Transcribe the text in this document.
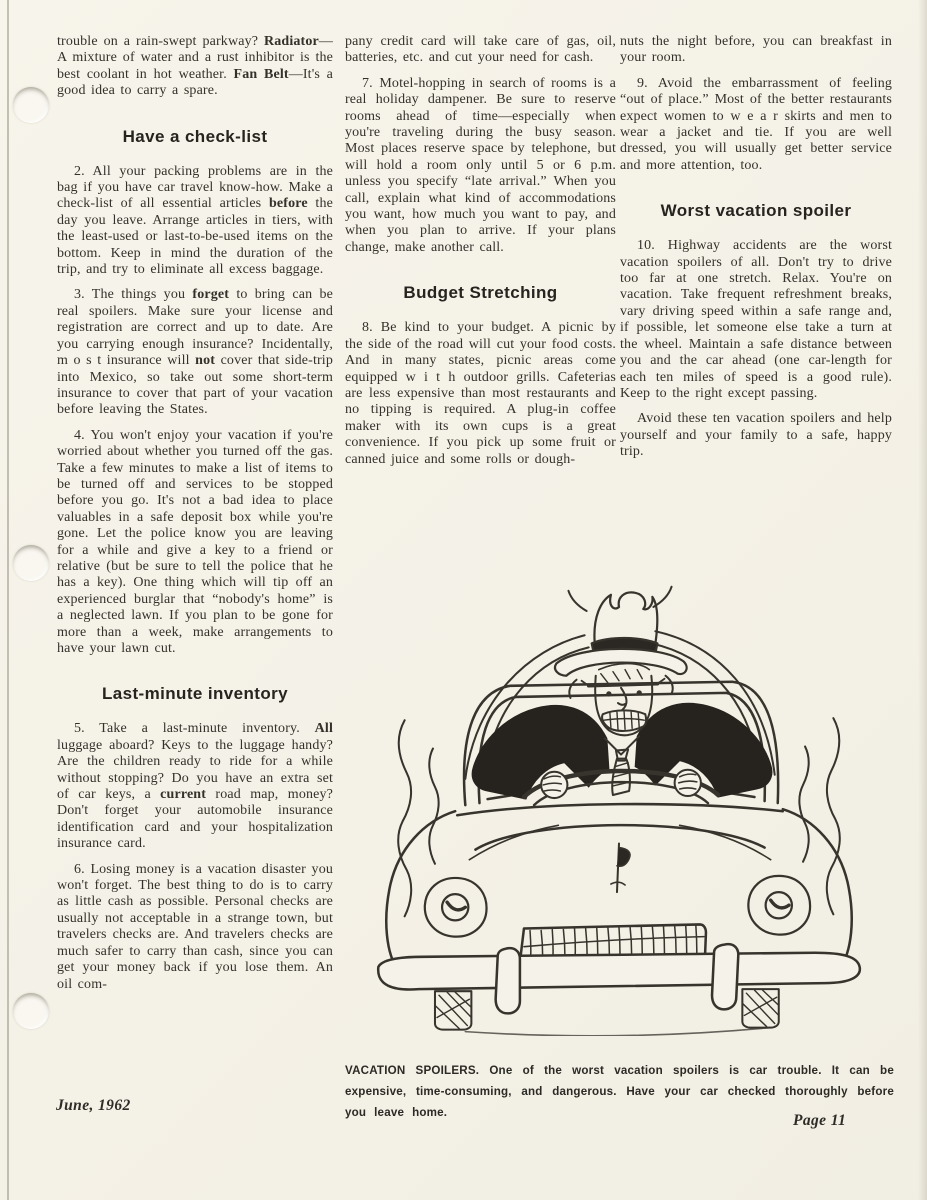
trouble on a rain-swept parkway? Radiator—A mixture of water and a rust inhibitor is the best coolant in hot weather. Fan Belt—It's a good idea to carry a spare.

Have a check-list

2. All your packing problems are in the bag if you have car travel know-how. Make a check-list of all essential articles before the day you leave. Arrange articles in tiers, with the least-used or last-to-be-used items on the bottom. Keep in mind the duration of the trip, and try to eliminate all excess baggage.

3. The things you forget to bring can be real spoilers. Make sure your license and registration are correct and up to date. Are you carrying enough insurance? Incidentally, m o s t insurance will not cover that side-trip into Mexico, so take out some short-term insurance to cover that part of your vacation before leaving the States.

4. You won't enjoy your vacation if you're worried about whether you turned off the gas. Take a few minutes to make a list of items to be turned off and services to be stopped before you go. It's not a bad idea to place valuables in a safe deposit box while you're gone. Let the police know you are leaving for a while and give a key to a friend or relative (but be sure to tell the police that he has a key). One thing which will tip off an experienced burglar that “nobody's home” is a neglected lawn. If you plan to be gone for more than a week, make arrangements to have your lawn cut.

Last-minute inventory

5. Take a last-minute inventory. All luggage aboard? Keys to the luggage handy? Are the children ready to ride for a while without stopping? Do you have an extra set of car keys, a current road map, money? Don't forget your automobile insurance identification card and your hospitalization insurance card.

6. Losing money is a vacation disaster you won't forget. The best thing to do is to carry as little cash as possible. Personal checks are usually not acceptable in a strange town, but travelers checks are. And travelers checks are much safer to carry than cash, since you can get your money back if you lose them. An oil com-

pany credit card will take care of gas, oil, batteries, etc. and cut your need for cash.

7. Motel-hopping in search of rooms is a real holiday dampener. Be sure to reserve rooms ahead of time—especially when you're traveling during the busy season. Most places reserve space by telephone, but will hold a room only until 5 or 6 p.m. unless you specify “late arrival.” When you call, explain what kind of accommodations you want, how much you want to pay, and when you plan to arrive. If your plans change, make another call.

Budget Stretching

8. Be kind to your budget. A picnic by the side of the road will cut your food costs. And in many states, picnic areas come equipped w i t h outdoor grills. Cafeterias are less expensive than most restaurants and no tipping is required. A plug-in coffee maker with its own cups is a great convenience. If you pick up some fruit or canned juice and some rolls or dough-

nuts the night before, you can breakfast in your room.

9. Avoid the embarrassment of feeling “out of place.” Most of the better restaurants expect women to w e a r skirts and men to wear a jacket and tie. If you are well dressed, you will usually get better service and more attention, too.

Worst vacation spoiler

10. Highway accidents are the worst vacation spoilers of all. Don't try to drive too far at one stretch. Relax. You're on vacation. Take frequent refreshment breaks, vary driving speed within a safe range and, if possible, let someone else take a turn at the wheel. Maintain a safe distance between you and the car ahead (one car-length for each ten miles of speed is a good rule). Keep to the right except passing.

Avoid these ten vacation spoilers and help yourself and your family to a safe, happy trip.

VACATION SPOILERS. One of the worst vacation spoilers is car trouble. It can be expensive, time-consuming, and dangerous. Have your car checked thoroughly before you leave home.

June, 1962
Page 11
